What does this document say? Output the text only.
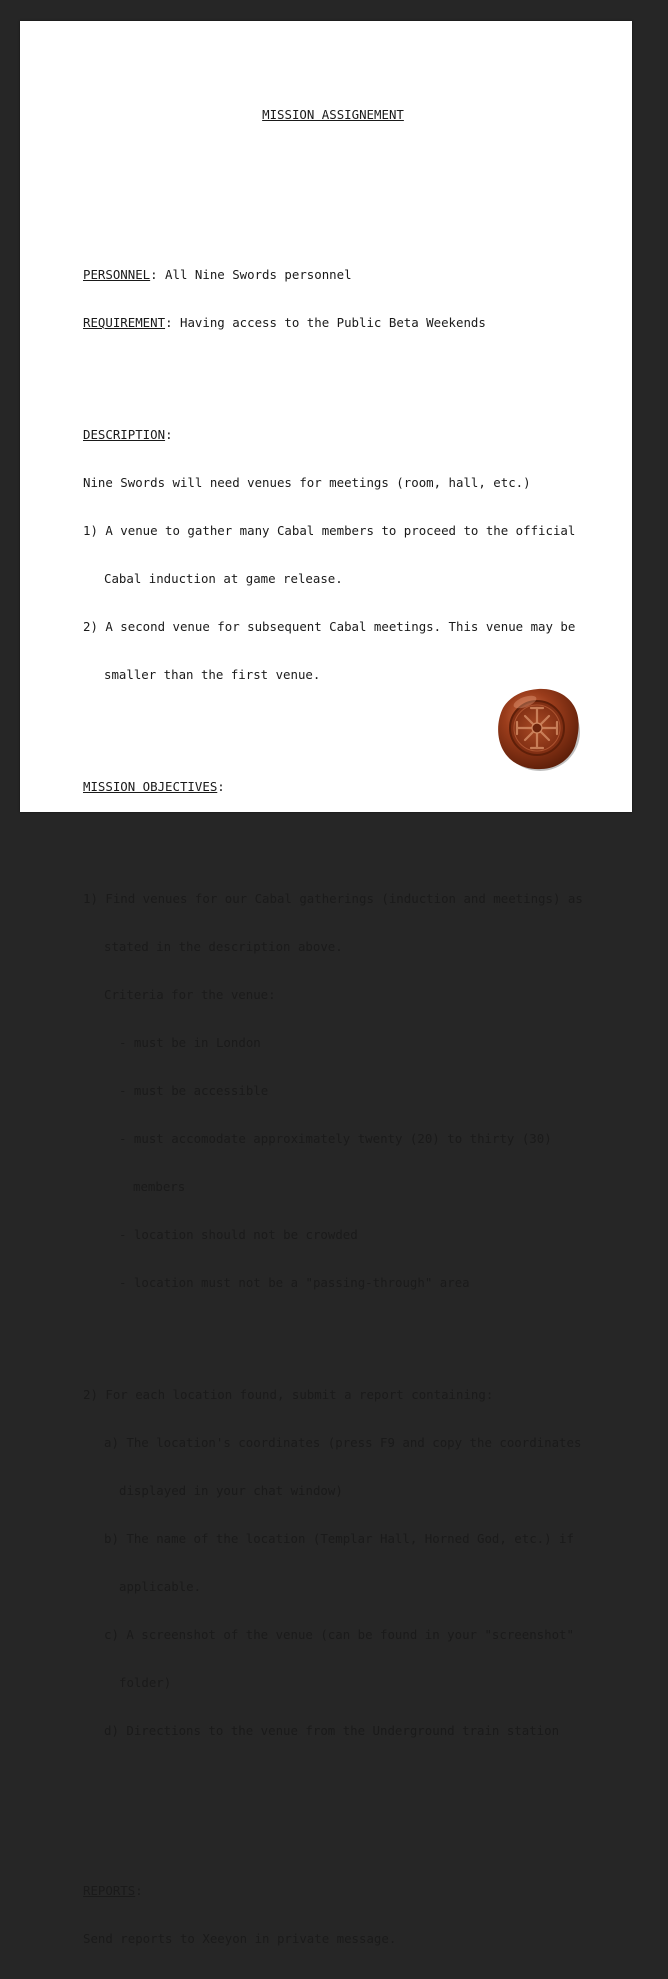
MISSION ASSIGNEMENT

PERSONNEL: All Nine Swords personnel

REQUIREMENT: Having access to the Public Beta Weekends

DESCRIPTION:

Nine Swords will need venues for meetings (room, hall, etc.)

1) A venue to gather many Cabal members to proceed to the official

Cabal induction at game release.

2) A second venue for subsequent Cabal meetings. This venue may be

smaller than the first venue.

MISSION OBJECTIVES:

1) Find venues for our Cabal gatherings (induction and meetings) as

stated in the description above.

Criteria for the venue:

- must be in London

- must be accessible

- must accomodate approximately twenty (20) to thirty (30)

members

- location should not be crowded

- location must not be a "passing-through" area

2) For each location found, submit a report containing:

a) The location's coordinates (press F9 and copy the coordinates

displayed in your chat window)

b) The name of the location (Templar Hall, Horned God, etc.) if

applicable.

c) A screenshot of the venue (can be found in your "screenshot"

folder)

d) Directions to the venue from the Underground train station

REPORTS:

Send reports to Xeeyon in private message.
